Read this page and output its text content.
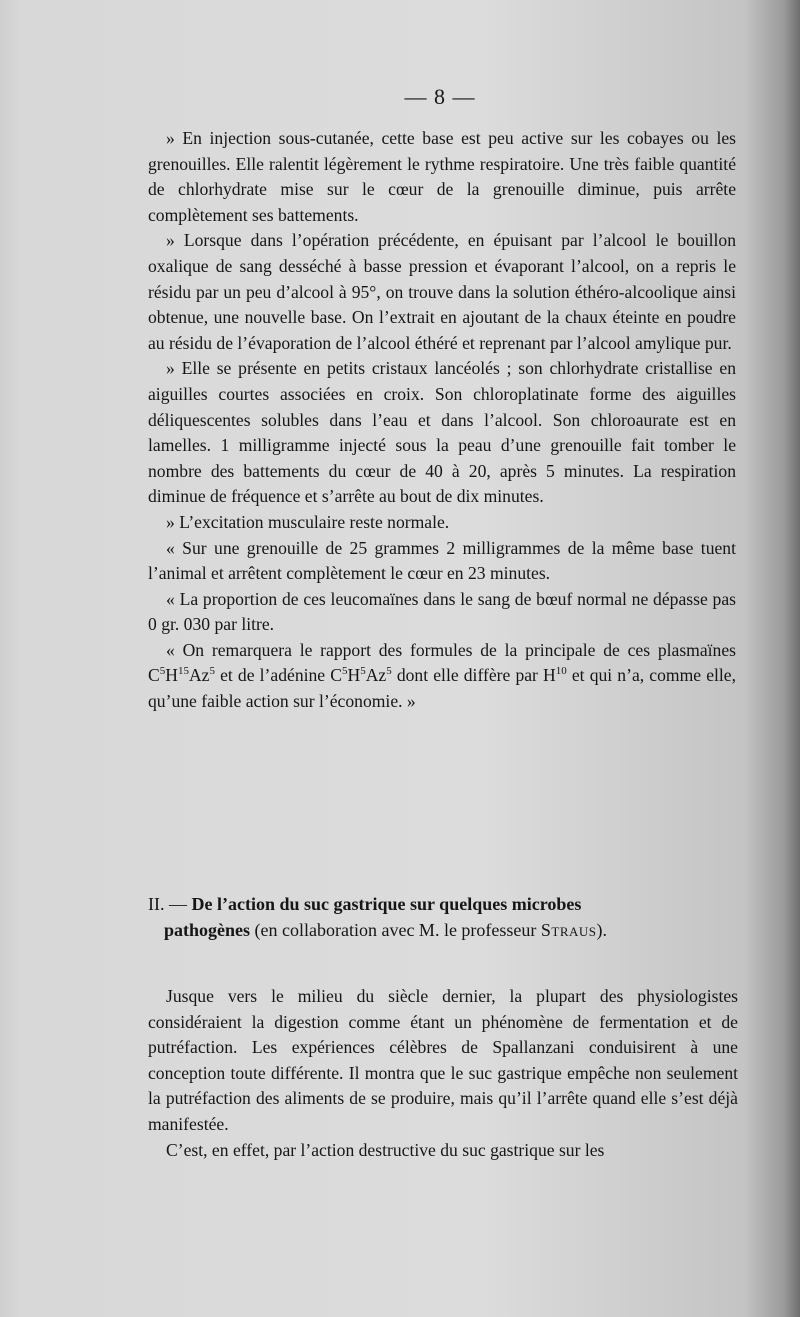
— 8 —

» En injection sous-cutanée, cette base est peu active sur les cobayes ou les grenouilles. Elle ralentit légèrement le rythme respiratoire. Une très faible quantité de chlorhydrate mise sur le cœur de la grenouille diminue, puis arrête complètement ses battements.

» Lorsque dans l’opération précédente, en épuisant par l’alcool le bouillon oxalique de sang desséché à basse pression et évaporant l’alcool, on a repris le résidu par un peu d’alcool à 95°, on trouve dans la solution éthéro-alcoolique ainsi obtenue, une nouvelle base. On l’extrait en ajoutant de la chaux éteinte en poudre au résidu de l’évaporation de l’alcool éthéré et reprenant par l’alcool amylique pur.

» Elle se présente en petits cristaux lancéolés ; son chlorhydrate cristallise en aiguilles courtes associées en croix. Son chloroplatinate forme des aiguilles déliquescentes solubles dans l’eau et dans l’alcool. Son chloroaurate est en lamelles. 1 milligramme injecté sous la peau d’une grenouille fait tomber le nombre des battements du cœur de 40 à 20, après 5 minutes. La respiration diminue de fréquence et s’arrête au bout de dix minutes.

» L’excitation musculaire reste normale.

« Sur une grenouille de 25 grammes 2 milligrammes de la même base tuent l’animal et arrêtent complètement le cœur en 23 minutes.

« La proportion de ces leucomaïnes dans le sang de bœuf normal ne dépasse pas 0 gr. 030 par litre.

« On remarquera le rapport des formules de la principale de ces plasmaïnes $C^5H^{15}Az^5$ et de l’adénine $C^5H^5Az^5$ dont elle diffère par $H^{10}$ et qui n’a, comme elle, qu’une faible action sur l’économie. »

II. — De l’action du suc gastrique sur quelques microbes
pathogènes (en collaboration avec M. le professeur Straus).

Jusque vers le milieu du siècle dernier, la plupart des physiologistes considéraient la digestion comme étant un phénomène de fermentation et de putréfaction. Les expériences célèbres de Spallanzani conduisirent à une conception toute différente. Il montra que le suc gastrique empêche non seulement la putréfaction des aliments de se produire, mais qu’il l’arrête quand elle s’est déjà manifestée.

C’est, en effet, par l’action destructive du suc gastrique sur les
